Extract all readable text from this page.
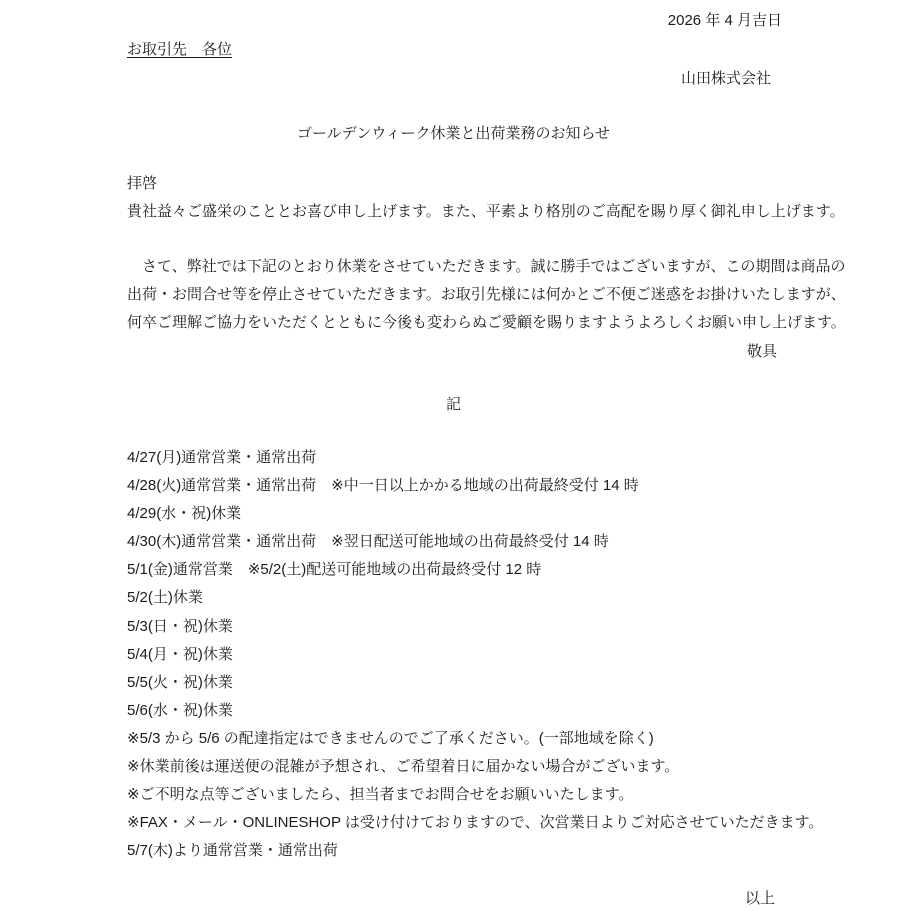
2026 年 4 月吉日
お取引先　各位
山田株式会社
ゴールデンウィーク休業と出荷業務のお知らせ
拝啓
貴社益々ご盛栄のこととお喜び申し上げます。また、平素より格別のご高配を賜り厚く御礼申し上げます。
　さて、弊社では下記のとおり休業をさせていただきます。誠に勝手ではございますが、この期間は商品の
出荷・お問合せ等を停止させていただきます。お取引先様には何かとご不便ご迷惑をお掛けいたしますが、
何卒ご理解ご協力をいただくとともに今後も変わらぬご愛顧を賜りますようよろしくお願い申し上げます。
敬具
記
4/27(月)通常営業・通常出荷
4/28(火)通常営業・通常出荷　※中一日以上かかる地域の出荷最終受付 14 時
4/29(水・祝)休業
4/30(木)通常営業・通常出荷　※翌日配送可能地域の出荷最終受付 14 時
5/1(金)通常営業　※5/2(土)配送可能地域の出荷最終受付 12 時
5/2(土)休業
5/3(日・祝)休業
5/4(月・祝)休業
5/5(火・祝)休業
5/6(水・祝)休業
※5/3 から 5/6 の配達指定はできませんのでご了承ください。(一部地域を除く)
※休業前後は運送便の混雑が予想され、ご希望着日に届かない場合がございます。
※ご不明な点等ございましたら、担当者までお問合せをお願いいたします。
※FAX・メール・ONLINESHOP は受け付けておりますので、次営業日よりご対応させていただきます。
5/7(木)より通常営業・通常出荷
以上
